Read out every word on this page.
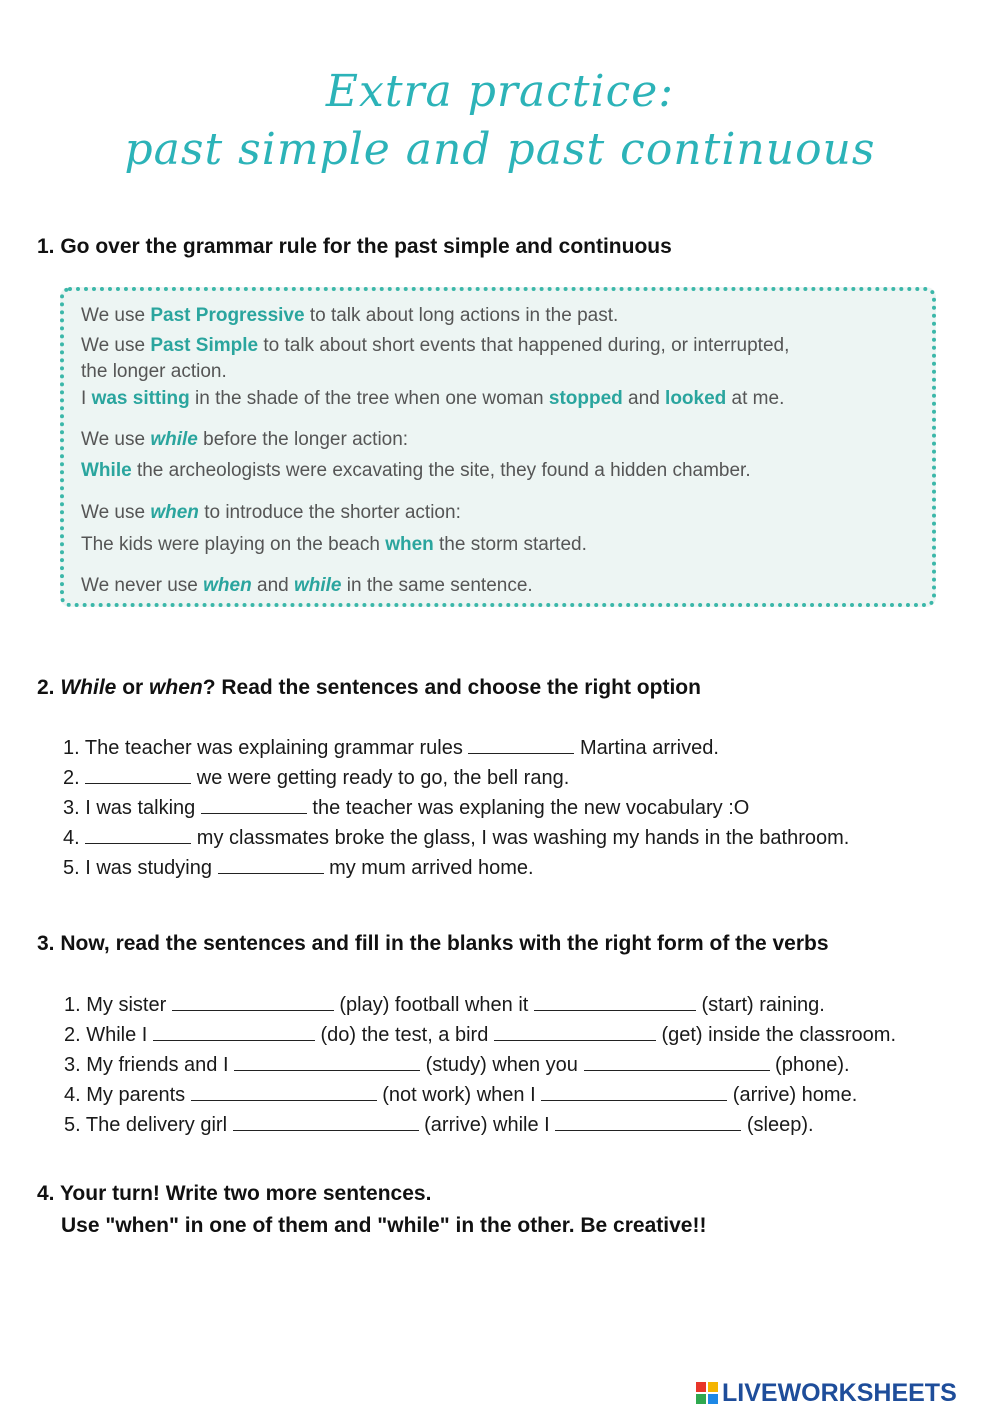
Extra practice:
past simple and past continuous
1. Go over the grammar rule for the past simple and continuous
We use Past Progressive to talk about long actions in the past.
We use Past Simple to talk about short events that happened during, or interrupted,
the longer action.
I was sitting in the shade of the tree when one woman stopped and looked at me.
We use while before the longer action:
While the archeologists were excavating the site, they found a hidden chamber.
We use when to introduce the shorter action:
The kids were playing on the beach when the storm started.
We never use when and while in the same sentence.
2. While or when? Read the sentences and choose the right option
1. The teacher was explaining grammar rules	Martina arrived.
2.	we were getting ready to go, the bell rang.
3. I was talking	the teacher was explaning the new vocabulary :O
4.	my classmates broke the glass, I was washing my hands in the bathroom.
5. I was studying	my mum arrived home.
3. Now, read the sentences and fill in the blanks with the right form of the verbs
1. My sister	(play) football when it	(start) raining.
2. While I	(do) the test, a bird	(get) inside the classroom.
3. My friends and I	(study) when you	(phone).
4. My parents	(not work) when I	(arrive) home.
5. The delivery girl	(arrive) while I	(sleep).
4. Your turn! Write two more sentences.
Use "when" in one of them and "while" in the other. Be creative!!
LIVEWORKSHEETS
